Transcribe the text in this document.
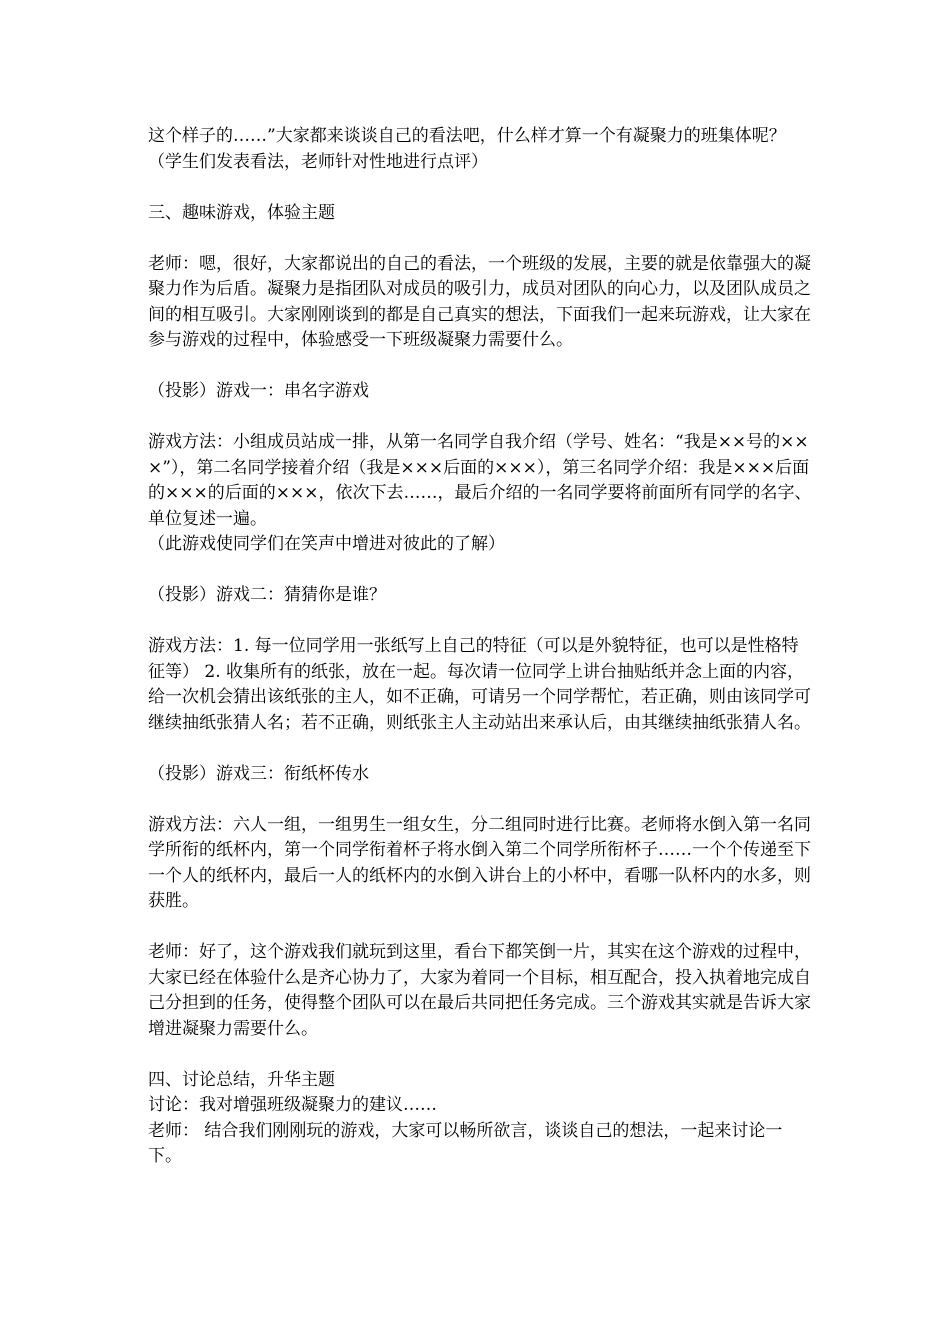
这个样子的……”大家都来谈谈自己的看法吧，什么样才算一个有凝聚力的班集体呢？

（学生们发表看法，老师针对性地进行点评）

三、趣味游戏，体验主题

老师：嗯，很好，大家都说出的自己的看法，一个班级的发展，主要的就是依靠强大的凝聚力作为后盾。凝聚力是指团队对成员的吸引力，成员对团队的向心力，以及团队成员之间的相互吸引。大家刚刚谈到的都是自己真实的想法，下面我们一起来玩游戏，让大家在参与游戏的过程中，体验感受一下班级凝聚力需要什么。

（投影）游戏一：串名字游戏

游戏方法：小组成员站成一排，从第一名同学自我介绍（学号、姓名：“我是××号的×××”），第二名同学接着介绍（我是×××后面的×××），第三名同学介绍：我是×××后面的×××的后面的×××，依次下去……，最后介绍的一名同学要将前面所有同学的名字、单位复述一遍。

（此游戏使同学们在笑声中增进对彼此的了解）

（投影）游戏二：猜猜你是谁？

游戏方法：1. 每一位同学用一张纸写上自己的特征（可以是外貌特征，也可以是性格特征等） 2. 收集所有的纸张，放在一起。每次请一位同学上讲台抽贴纸并念上面的内容，给一次机会猜出该纸张的主人，如不正确，可请另一个同学帮忙，若正确，则由该同学可继续抽纸张猜人名；若不正确，则纸张主人主动站出来承认后，由其继续抽纸张猜人名。

（投影）游戏三：衔纸杯传水

游戏方法：六人一组，一组男生一组女生，分二组同时进行比赛。老师将水倒入第一名同学所衔的纸杯内，第一个同学衔着杯子将水倒入第二个同学所衔杯子……一个个传递至下一个人的纸杯内，最后一人的纸杯内的水倒入讲台上的小杯中，看哪一队杯内的水多，则获胜。

老师：好了，这个游戏我们就玩到这里，看台下都笑倒一片，其实在这个游戏的过程中，大家已经在体验什么是齐心协力了，大家为着同一个目标，相互配合，投入执着地完成自己分担到的任务，使得整个团队可以在最后共同把任务完成。三个游戏其实就是告诉大家增进凝聚力需要什么。

四、讨论总结，升华主题

讨论：我对增强班级凝聚力的建议……

老师： 结合我们刚刚玩的游戏，大家可以畅所欲言，谈谈自己的想法，一起来讨论一下。
